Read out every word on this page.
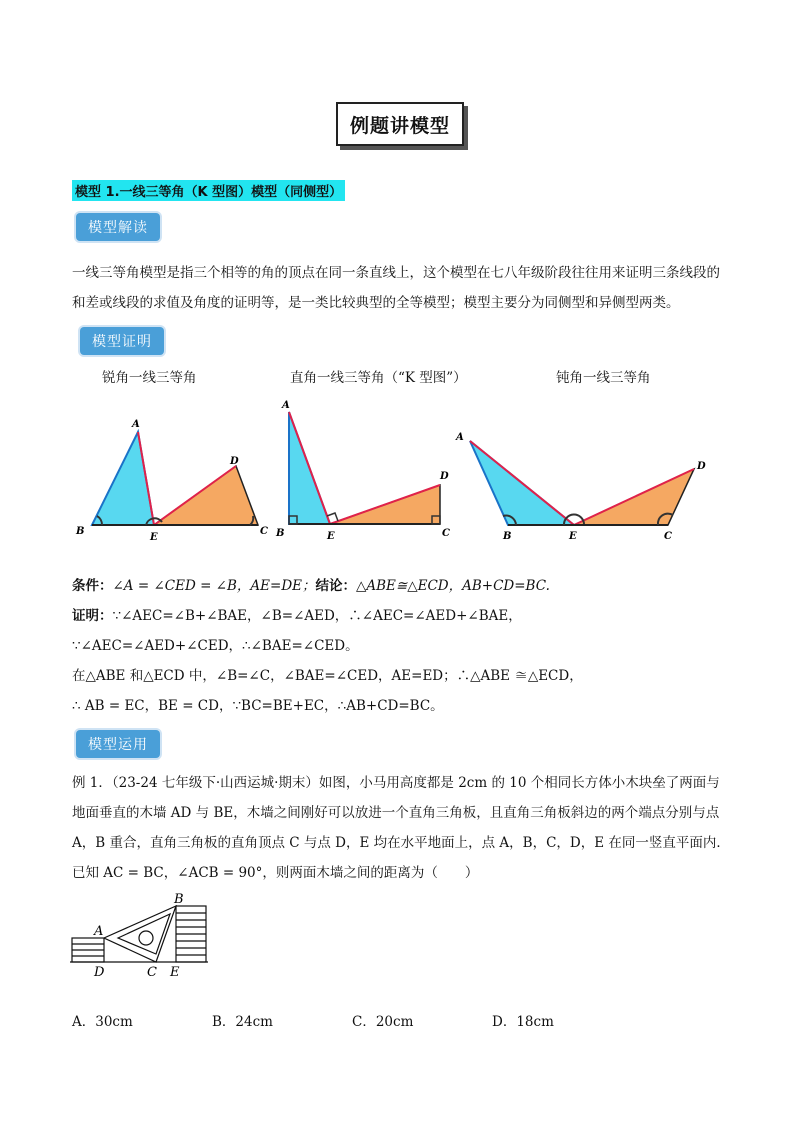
例题讲模型
模型 1.一线三等角（K 型图）模型（同侧型）
模型解读
一线三等角模型是指三个相等的角的顶点在同一条直线上，这个模型在七八年级阶段往往用来证明三条线段的和差或线段的求值及角度的证明等，是一类比较典型的全等模型；模型主要分为同侧型和异侧型两类。
模型证明
锐角一线三等角	直角一线三等角（“K 型图”）	钝角一线三等角
A
B
E
D
C
A
B	E
D
C
A
B	E
D
C
条件：∠A = ∠CED = ∠B，AE=DE；结论：△ABE≅△ECD，AB+CD=BC.
证明：∵∠AEC=∠B+∠BAE，∠B=∠AED，∴∠AEC=∠AED+∠BAE，
∵∠AEC=∠AED+∠CED，∴∠BAE=∠CED。
在△ABE 和△ECD 中，∠B=∠C，∠BAE=∠CED，AE=ED；∴△ABE ≅△ECD，
∴ AB = EC，BE = CD，∵BC=BE+EC，∴AB+CD=BC。
模型运用
例 1．（23-24 七年级下·山西运城·期末）如图，小马用高度都是 2cm 的 10 个相同长方体小木块垒了两面与地面垂直的木墙 AD 与 BE，木墙之间刚好可以放进一个直角三角板，且直角三角板斜边的两个端点分别与点 A，B 重合，直角三角板的直角顶点 C 与点 D，E 均在水平地面上，点 A，B，C，D，E 在同一竖直平面内．已知 AC = BC，∠ACB = 90°，则两面木墙之间的距离为（　　）
A
B
D	C E
A．30cm	B．24cm	C．20cm	D．18cm
